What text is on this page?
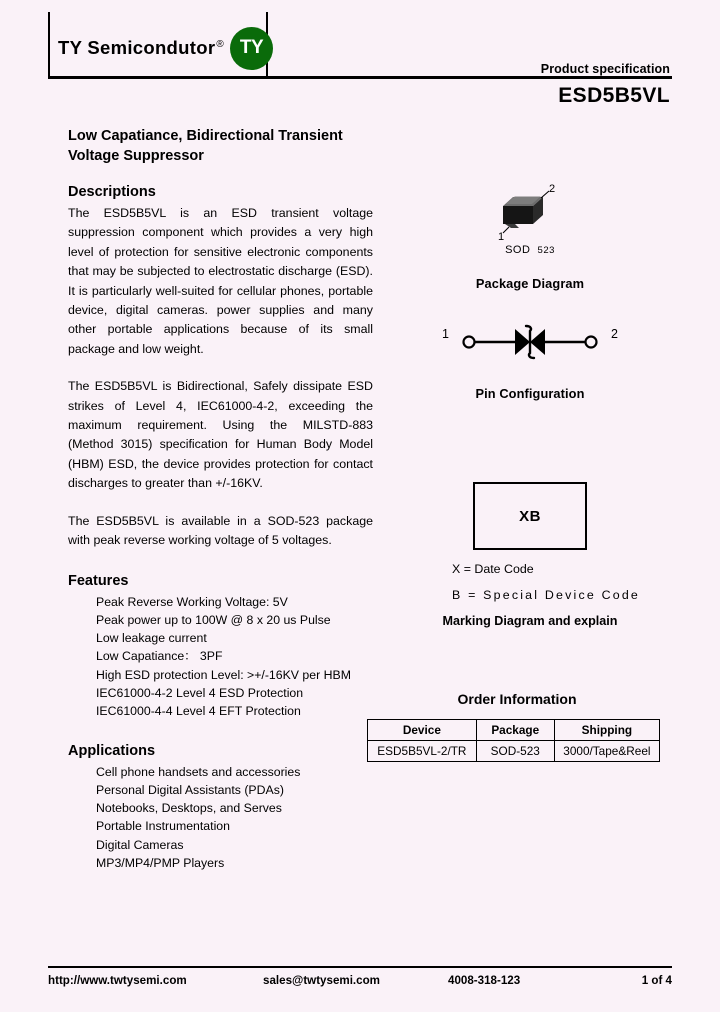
TY Semicondutor® TY
Product specification
ESD5B5VL
Low Capatiance, Bidirectional Transient Voltage Suppressor
Descriptions

The ESD5B5VL is an ESD transient voltage suppression component which provides a very high level of protection for sensitive electronic components that may be subjected to electrostatic discharge (ESD). It is particularly well-suited for cellular phones, portable device, digital cameras. power supplies and many other portable applications because of its small package and low weight.

The ESD5B5VL is Bidirectional, Safely dissipate ESD strikes of Level 4, IEC61000-4-2, exceeding the maximum requirement. Using the MILSTD-883 (Method 3015) specification for Human Body Model (HBM) ESD, the device provides protection for contact discharges to greater than +/-16KV.

The ESD5B5VL is available in a SOD-523 package with peak reverse working voltage of 5 voltages.

Features
Peak Reverse Working Voltage: 5V
Peak power up to 100W @ 8 x 20 us Pulse
Low leakage current
Low Capatiance： 3PF
High ESD protection Level: >+/-16KV per HBM
IEC61000-4-2 Level 4 ESD Protection
IEC61000-4-4 Level 4 EFT Protection
Applications
Cell phone handsets and accessories
Personal Digital Assistants (PDAs)
Notebooks, Desktops, and Serves
Portable Instrumentation
Digital Cameras
MP3/MP4/PMP Players
1
2
SOD 523
Package Diagram
1	2
Pin Configuration
XB
X = Date Code
B = Special Device Code
Marking Diagram and explain
Order Information
Device	Package	Shipping
ESD5B5VL-2/TR	SOD-523	3000/Tape&Reel
http://www.twtysemi.com	sales@twtysemi.com	4008-318-123	1 of 4
